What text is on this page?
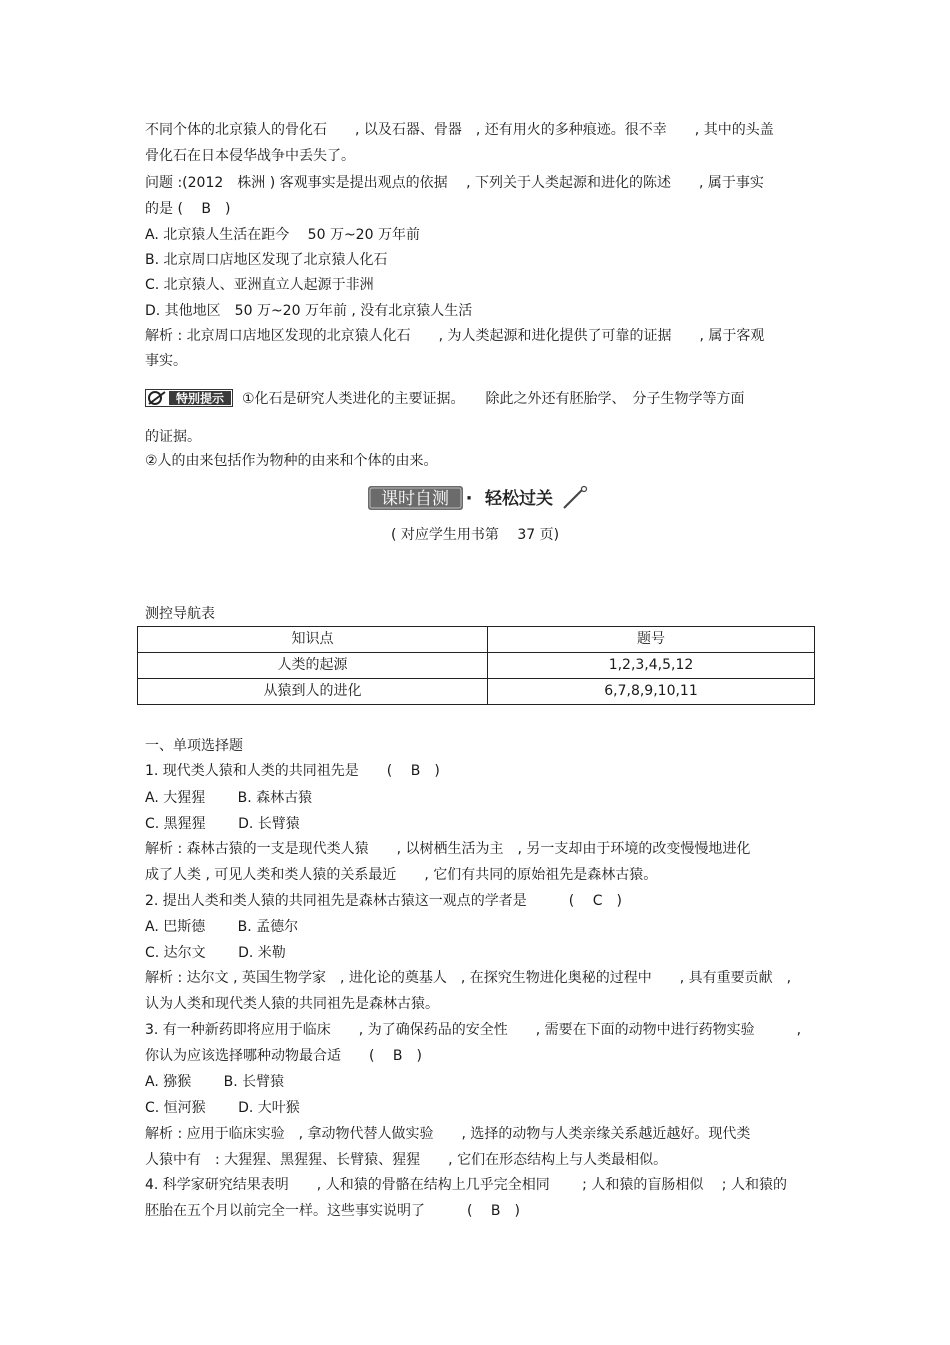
不同个体的北京猿人的骨化石　　, 以及石器、骨器　, 还有用火的多种痕迹。很不幸　　, 其中的头盖
骨化石在日本侵华战争中丢失了。
问题 :(2012　株洲 ) 客观事实是提出观点的依据　 , 下列关于人类起源和进化的陈述　　, 属于事实
的是 (　 B　)
A. 北京猿人生活在距今　 50 万~20 万年前
B. 北京周口店地区发现了北京猿人化石
C. 北京猿人、亚洲直立人起源于非洲
D. 其他地区　50 万~20 万年前 , 没有北京猿人生活
解析 : 北京周口店地区发现的北京猿人化石　　, 为人类起源和进化提供了可靠的证据　　, 属于客观
事实。
特别提示 ①化石是研究人类进化的主要证据。　　除此之外还有胚胎学、　分子生物学等方面
的证据。
②人的由来包括作为物种的由来和个体的由来。
课时自测 · 轻松过关
( 对应学生用书第　 37 页)
测控导航表
知识点	题号
人类的起源	1,2,3,4,5,12
从猿到人的进化	6,7,8,9,10,11
一、单项选择题
1. 现代类人猿和人类的共同祖先是　　(　 B　)
A. 大猩猩　　 B. 森林古猿
C. 黑猩猩　　 D. 长臂猿
解析 : 森林古猿的一支是现代类人猿　　, 以树栖生活为主　, 另一支却由于环境的改变慢慢地进化
成了人类 , 可见人类和类人猿的关系最近　　, 它们有共同的原始祖先是森林古猿。
2. 提出人类和类人猿的共同祖先是森林古猿这一观点的学者是　　　(　 C　)
A. 巴斯德　　 B. 孟德尔
C. 达尔文　　 D. 米勒
解析 : 达尔文 , 英国生物学家　, 进化论的奠基人　, 在探究生物进化奥秘的过程中　　, 具有重要贡献　,
认为人类和现代类人猿的共同祖先是森林古猿。
3. 有一种新药即将应用于临床　　, 为了确保药品的安全性　　, 需要在下面的动物中进行药物实验　　　,
你认为应该选择哪种动物最合适　　(　 B　)
A. 猕猴　　 B. 长臂猿
C. 恒河猴　　 D. 大叶猴
解析 : 应用于临床实验　, 拿动物代替人做实验　　, 选择的动物与人类亲缘关系越近越好。现代类
人猿中有　: 大猩猩、黑猩猩、长臂猿、猩猩　　, 它们在形态结构上与人类最相似。
4. 科学家研究结果表明　　, 人和猿的骨骼在结构上几乎完全相同　　 ; 人和猿的盲肠相似　 ; 人和猿的
胚胎在五个月以前完全一样。这些事实说明了　　　(　 B　)
